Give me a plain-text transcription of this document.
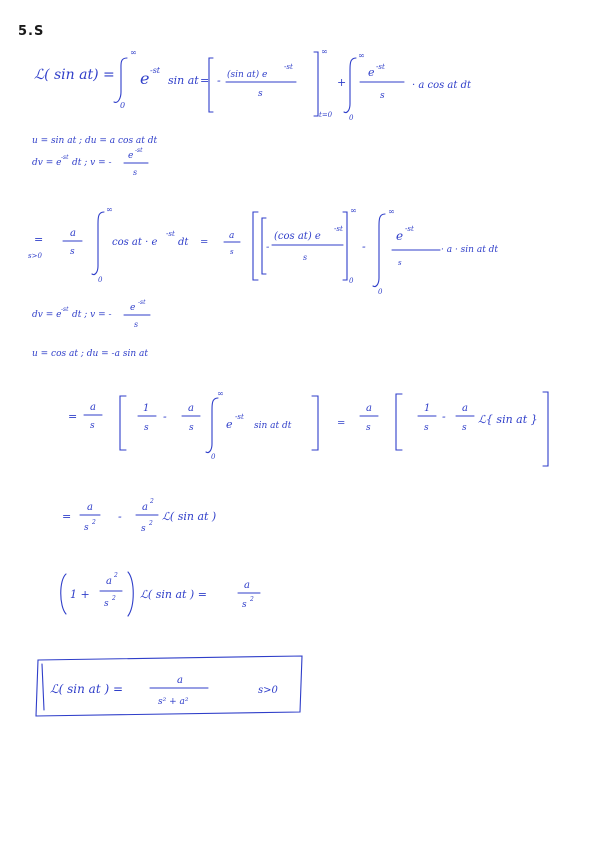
5.S
ℒ( sin at) =
∞
0
e -st
sin at = - (sin at) e
-st
s
∞
t=0
+
∞
0
e -st
s
· a cos at dt
u = sin at ; du = a cos at dt
dv = e
-st
dt ; v = -
e
-st
s
=
s>0
a
s
∞
0
cos at · e
-st
dt =
a
s	-
(cos at) e
-st
s
∞
0
-
∞
0
e -st
s
· a · sin at dt
dv = e
-st
dt ; v = -
e
-st
s
u = cos at ; du = -a sin at
=
a
s
1
s
-
a
s
∞
0
e
-st
sin at dt	=
a
s
1
s
-
a
s
ℒ{ sin at }
=
a
s
2 -
a
2
s
2
ℒ( sin at )
1 +
a
2
s
2 ℒ( sin at ) =
a
s
2
ℒ( sin at ) =
a
s² + a²
s>0
